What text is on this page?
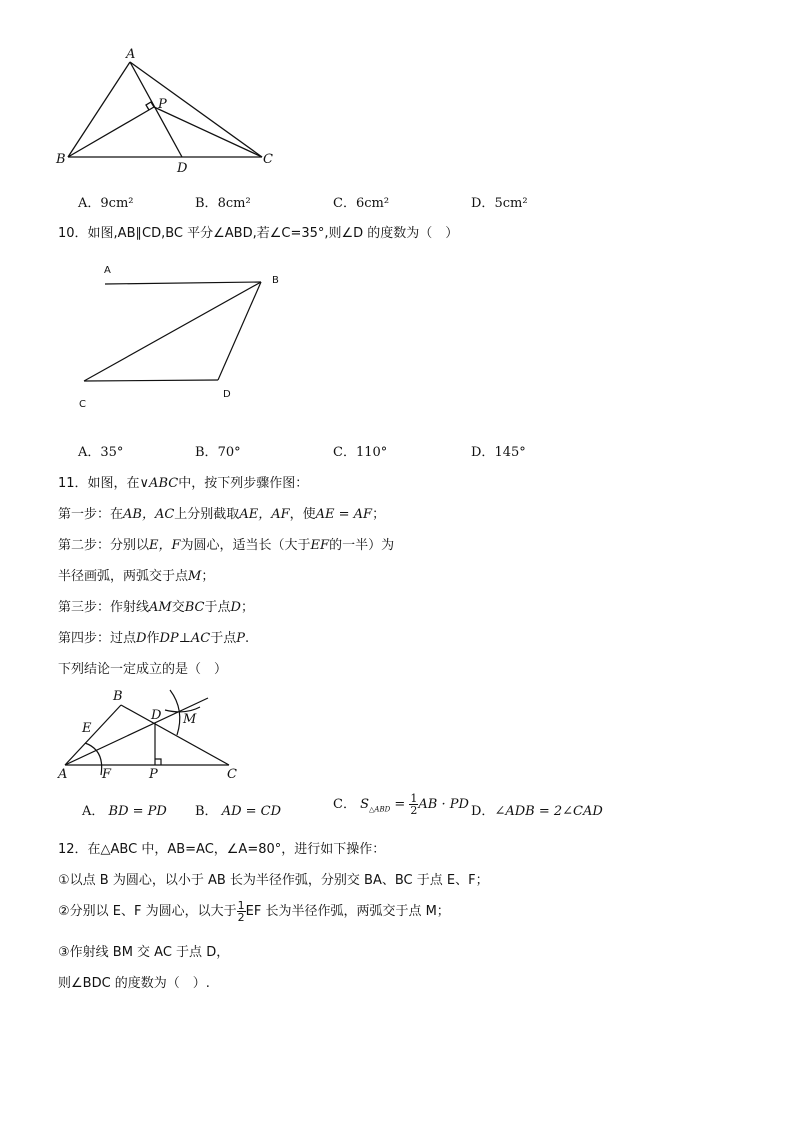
A
B	C
D
P
A．9cm²	B．8cm²	C．6cm²	D．5cm²
10．如图,AB∥CD,BC 平分∠ABD,若∠C=35°,则∠D 的度数为（　）
A
B
C
D
A．35°	B．70°	C．110°	D．145°
11．如图，在∨ABC中，按下列步骤作图：
第一步：在AB，AC上分别截取AE，AF，使AE = AF；
第二步：分别以E，F为圆心，适当长（大于EF的一半）为
半径画弧，两弧交于点M；
第三步：作射线AM交BC于点D；
第四步：过点D作DP⊥AC于点P.
下列结论一定成立的是（　）
B
A	C
D
E
F
M
P
A． BD = PD B． AD = CD	C． $S_{\triangle ABD} = \frac{1}{2}$ AB · PD D．∠ADB = 2∠CAD
12．在△ABC 中，AB=AC，∠A=80°，进行如下操作：
①以点 B 为圆心，以小于 AB 长为半径作弧，分别交 BA、BC 于点 E、F；
②分别以 E、F 为圆心，以大于 $\frac{1}{2}$ EF 长为半径作弧，两弧交于点 M；
③作射线 BM 交 AC 于点 D，
则∠BDC 的度数为（　）.
